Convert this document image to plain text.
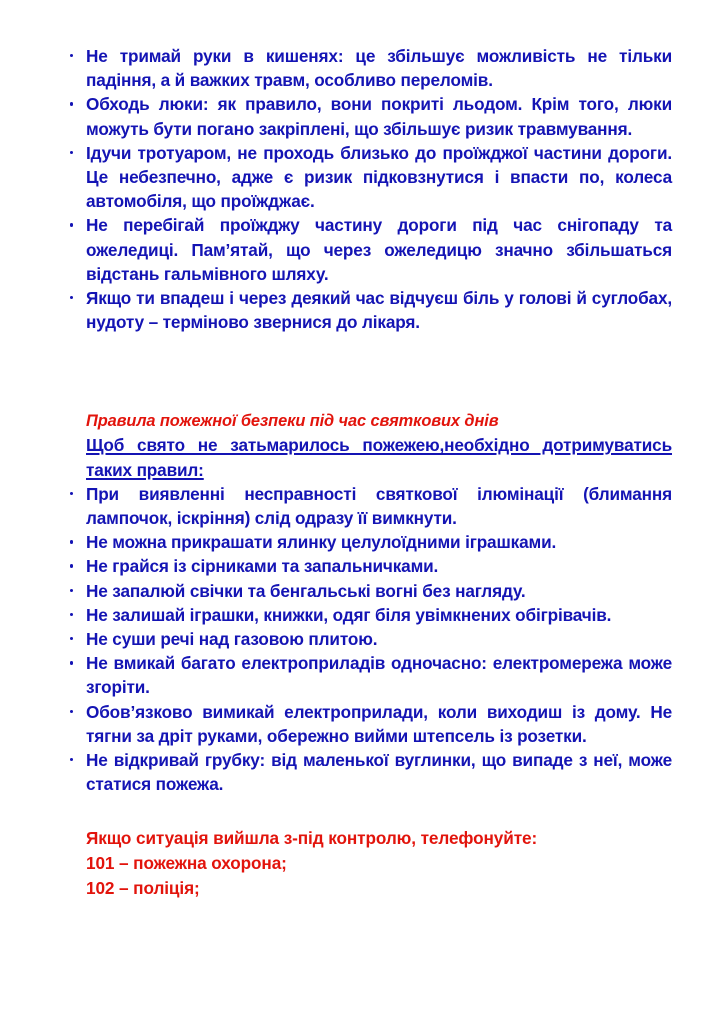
Не тримай руки в кишенях: це збільшує можливість не тільки падіння, а й важких травм, особливо переломів.
Обходь люки: як правило, вони покриті льодом. Крім того, люки можуть бути погано закріплені, що збільшує ризик травмування.
Ідучи тротуаром, не проходь близько до проїжджої частини дороги. Це небезпечно, адже є ризик підковзнутися і впасти по, колеса автомобіля, що проїжджає.
Не перебігай проїжджу частину дороги під час снігопаду та ожеледиці. Пам’ятай, що через ожеледицю значно збільшаться відстань гальмівного шляху.
Якщо ти впадеш і через деякий час відчуєш біль у голові й суглобах, нудоту – терміново звернися до лікаря.
Правила пожежної безпеки під час святкових днів
Щоб свято не затьмарилось пожежею,необхідно дотримуватись таких правил:
При виявленні несправності святкової ілюмінації (блимання лампочок, іскріння) слід одразу її вимкнути.
Не можна прикрашати ялинку целулоїдними іграшками.
Не грайся із сірниками та запальничками.
Не запалюй свічки та бенгальські вогні без нагляду.
Не залишай іграшки, книжки, одяг біля увімкнених обігрівачів.
Не суши речі над газовою плитою.
Не вмикай багато електроприладів одночасно: електромережа може згоріти.
Обов’язково вимикай електроприлади, коли виходиш із дому. Не тягни за дріт руками, обережно вийми штепсель із розетки.
Не відкривай грубку: від маленької вуглинки, що випаде з неї, може статися пожежа.
Якщо ситуація вийшла з-під контролю, телефонуйте:
101 – пожежна охорона;
102 – поліція;
